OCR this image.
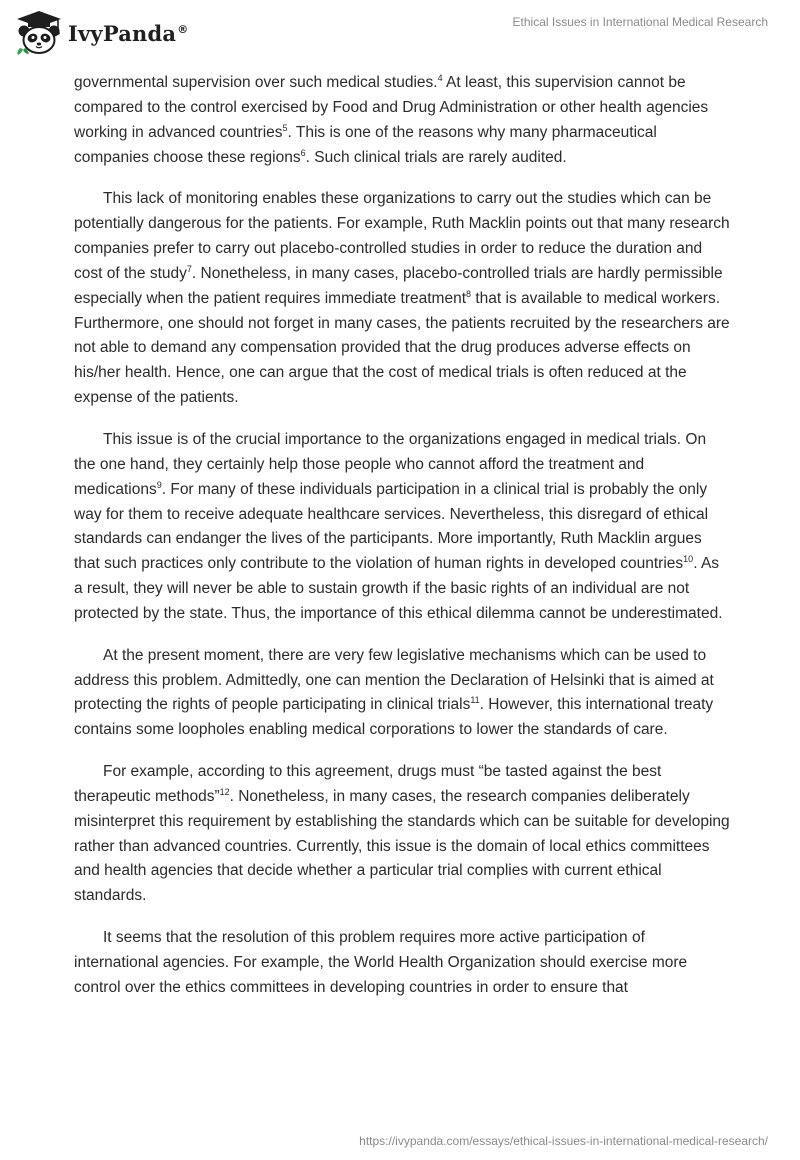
IvyPanda®	Ethical Issues in International Medical Research

governmental supervision over such medical studies.$^4$ At least, this supervision cannot be compared to the control exercised by Food and Drug Administration or other health agencies working in advanced countries$^5$. This is one of the reasons why many pharmaceutical companies choose these regions$^6$. Such clinical trials are rarely audited.

This lack of monitoring enables these organizations to carry out the studies which can be potentially dangerous for the patients. For example, Ruth Macklin points out that many research companies prefer to carry out placebo-controlled studies in order to reduce the duration and cost of the study$^7$. Nonetheless, in many cases, placebo-controlled trials are hardly permissible especially when the patient requires immediate treatment$^8$ that is available to medical workers. Furthermore, one should not forget in many cases, the patients recruited by the researchers are not able to demand any compensation provided that the drug produces adverse effects on his/her health. Hence, one can argue that the cost of medical trials is often reduced at the expense of the patients.

This issue is of the crucial importance to the organizations engaged in medical trials. On the one hand, they certainly help those people who cannot afford the treatment and medications$^9$. For many of these individuals participation in a clinical trial is probably the only way for them to receive adequate healthcare services. Nevertheless, this disregard of ethical standards can endanger the lives of the participants. More importantly, Ruth Macklin argues that such practices only contribute to the violation of human rights in developed countries$^{10}$. As a result, they will never be able to sustain growth if the basic rights of an individual are not protected by the state. Thus, the importance of this ethical dilemma cannot be underestimated.

At the present moment, there are very few legislative mechanisms which can be used to address this problem. Admittedly, one can mention the Declaration of Helsinki that is aimed at protecting the rights of people participating in clinical trials$^{11}$. However, this international treaty contains some loopholes enabling medical corporations to lower the standards of care.

For example, according to this agreement, drugs must “be tasted against the best therapeutic methods”$^{12}$. Nonetheless, in many cases, the research companies deliberately misinterpret this requirement by establishing the standards which can be suitable for developing rather than advanced countries. Currently, this issue is the domain of local ethics committees and health agencies that decide whether a particular trial complies with current ethical standards.

It seems that the resolution of this problem requires more active participation of international agencies. For example, the World Health Organization should exercise more control over the ethics committees in developing countries in order to ensure that

https://ivypanda.com/essays/ethical-issues-in-international-medical-research/
